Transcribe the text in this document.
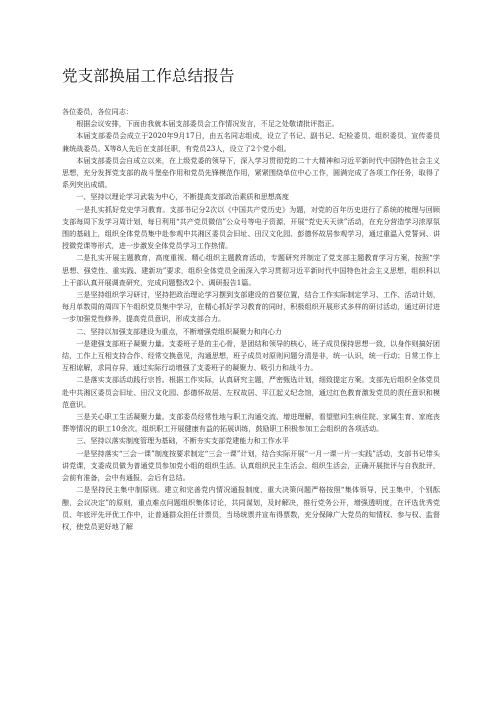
党支部换届工作总结报告

各位委员，各位同志：

根据会议安排，下面由我就本届支部委员会工作情况发言，不足之处敬请批评指正。

本届支部委员会成立于2020年9月17日，由五名同志组成，设立了书记、副书记、纪检委员、组织委员、宣传委员兼统战委员。X等8人先后在支部任职，有党员23人，设立了2个党小组。

本届支部委员会自成立以来，在上级党委的领导下，深入学习贯彻党的二十大精神和习近平新时代中国特色社会主义思想，充分发挥党支部的战斗堡垒作用和党员先锋模范作用，紧紧围绕单位中心工作，圆满完成了各项工作任务，取得了系列突出成绩。

一、坚持以理论学习武装为中心，不断提高支部政治素质和思想高度

一是扎实抓好党史学习教育。支部书记分2次以《中国共产党历史》为题，对党的百年历史进行了系统的梳理与回顾支部每周下发学习周计划，每日利用“共产党员微信”公众号等电子资源，开展“党史天天读”活动，在充分营造学习浓厚氛围的基础上，组织全体党员集中赴参观中共湘区委员会旧址、田汉文化园、彭德怀故居参观学习，通过重温入党誓词、讲授微党课等形式，进一步激发全体党员学习工作热情。

二是扎实开展主题教育，高度重视、精心组织主题教育活动，专题研究并制定了党支部主题教育学习方案，按照“学思想、强党性、重实践、建新功”要求，组织全体党员全面深入学习贯彻习近平新时代中国特色社会主义思想，组织科以上干部认真开展调查研究，完成问题整改2个、调研报告1篇。

三是坚持组织学习研讨，坚持把政治理论学习摆到支部建设的首要位置，结合工作实际制定学习、工作、活动计划，每月单数周的周四下午组织党员集中学习，在精心抓好学习教育的同时，积极组织开展形式多样的研讨活动，通过研讨进一步加强党性修养，提高党员意识，形成支部合力。

二、坚持以加强支部建设为重点，不断增强党组织凝聚力和向心力

一是建强支部班子凝聚力量。支委班子是的主心骨，是团结和领导的核心，班子成员保持思想一致，以身作则搞好团结，工作上互相支持合作、经常交换意见，沟通思想，班子成员对原则问题分清是非，统一认识，统一行动；日常工作上互相谅解，求同存异，通过实际行动增强了支委班子的凝聚力、吸引力和战斗力。

二是落实支部活动践行宗旨。根据工作实际，认真研究主题，严密甄选计划，细致提定方案。支部先后组织全体党员赴中共湘区委员会旧址、田汉文化园、彭德怀故居、左权故居、平江起义纪念馆，通过红色教育激发党员的责任意识和模范意识。

三是关心职工生活凝聚力量。支部委员经常性地与职工沟通交流、增进理解，看望慰问生病住院、家属生育、家庭丧葬等情况的职工10余次。组织职工开展健康有益的拓展训练，鼓励职工积极参加工会组织的各项活动。

三、坚持以落实制度管理为基础，不断夯实支部党建能力和工作水平

一是坚持落实“三会一课”制度按要求制定“三会一课”计划，结合实际开展“一月一课一片一实践”活动，支部书记带头讲党课，支委成员做为普通党员参加党小组的组织生活。认真组织民主生活会、组织生活会，正确开展批评与自我批评，会前有准备，会中有通报，会后有总结。

二是坚持民主集中制原则。建立和完善党内情况通报制度，重大决策问题严格按照“集体领导，民主集中，个别酝酿，会议决定”的原则，重点难点问题组织集体讨论，共同谋划，及时解决，推行党务公开，增强透明度，在评选优秀党员、年底评先评优工作中，让普通群众担任计票员，当场统票并宣布得票数，充分保障广大党员的知情权、参与权、监督权，使党员更好地了解
